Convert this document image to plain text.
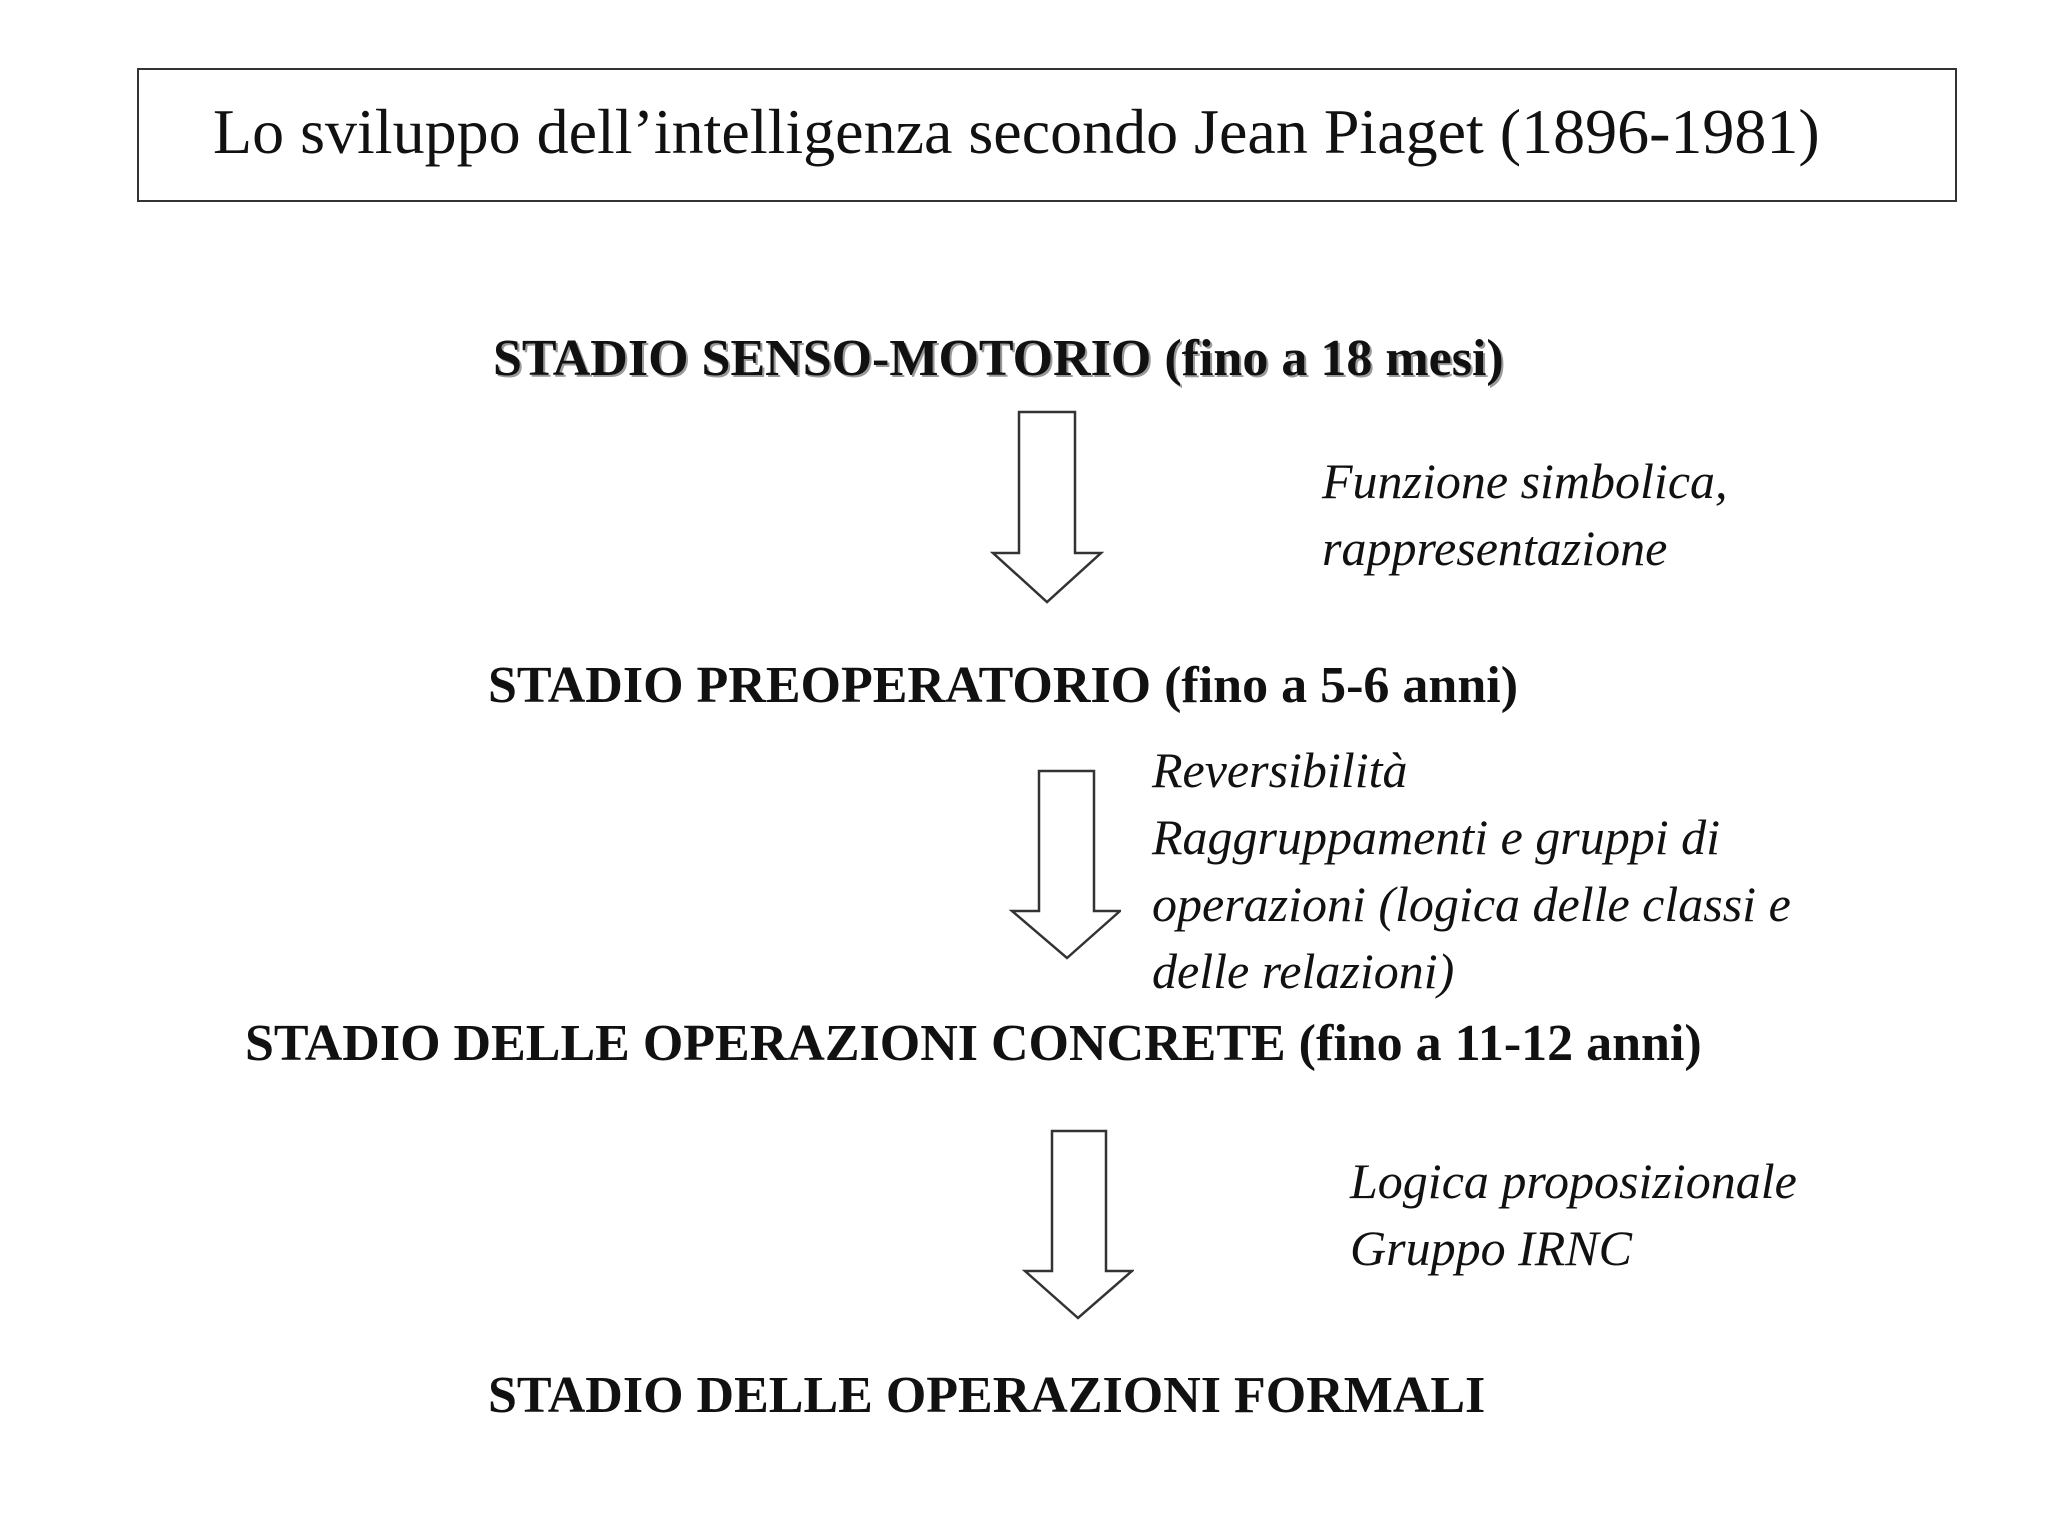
Lo sviluppo dell’intelligenza secondo Jean Piaget (1896-1981)
STADIO SENSO-MOTORIO (fino a 18 mesi)
Funzione simbolica,
rappresentazione
STADIO PREOPERATORIO (fino a 5-6 anni)
Reversibilità
Raggruppamenti e gruppi di
operazioni (logica delle classi e
delle relazioni)
STADIO DELLE OPERAZIONI CONCRETE (fino a 11-12 anni)
Logica proposizionale
Gruppo IRNC
STADIO DELLE OPERAZIONI FORMALI
